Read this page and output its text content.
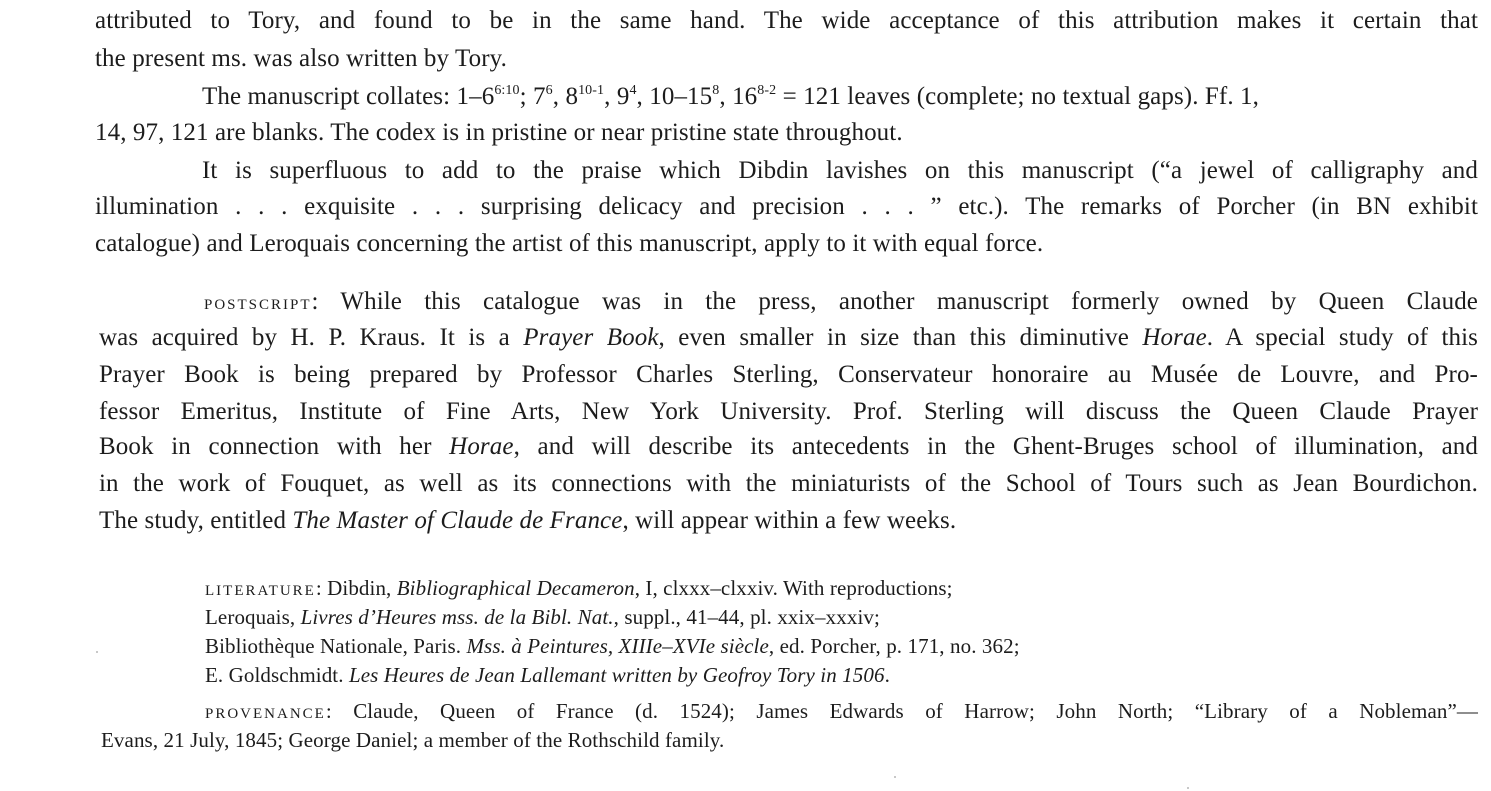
attributed to Tory, and found to be in the same hand. The wide acceptance of this attribution makes it certain that
the present ms. was also written by Tory.
The manuscript collates: $1-6^{6:10}$; $7^6$, 8$^{10-1}$, $9^4$, $10-15^8$, $16^{8-2} = 121$ leaves (complete; no textual gaps). Ff. 1,
14, 97, 121 are blanks. The codex is in pristine or near pristine state throughout.
It is superfluous to add to the praise which Dibdin lavishes on this manuscript (“a jewel of calligraphy and
illumination . . . exquisite . . . surprising delicacy and precision . . . ” etc.). The remarks of Porcher (in BN exhibit
catalogue) and Leroquais concerning the artist of this manuscript, apply to it with equal force.
POSTSCRIPT: While this catalogue was in the press, another manuscript formerly owned by Queen Claude
was acquired by H. P. Kraus. It is a Prayer Book, even smaller in size than this diminutive Horae. A special study of this
Prayer Book is being prepared by Professor Charles Sterling, Conservateur honoraire au Musée de Louvre, and Pro-
fessor Emeritus, Institute of Fine Arts, New York University. Prof. Sterling will discuss the Queen Claude Prayer
Book in connection with her Horae, and will describe its antecedents in the Ghent-Bruges school of illumination, and
in the work of Fouquet, as well as its connections with the miniaturists of the School of Tours such as Jean Bourdichon.
The study, entitled The Master of Claude de France, will appear within a few weeks.
LITERATURE: Dibdin, Bibliographical Decameron, I, clxxx–clxxiv. With reproductions;
Leroquais, Livres d’Heures mss. de la Bibl. Nat., suppl., 41–44, pl. xxix–xxxiv;
Bibliothèque Nationale, Paris. Mss. à Peintures, XIIIe–XVIe siècle, ed. Porcher, p. 171, no. 362;
E. Goldschmidt. Les Heures de Jean Lallemant written by Geofroy Tory in 1506.
PROVENANCE: Claude, Queen of France (d. 1524); James Edwards of Harrow; John North; “Library of a Nobleman”—
Evans, 21 July, 1845; George Daniel; a member of the Rothschild family.
